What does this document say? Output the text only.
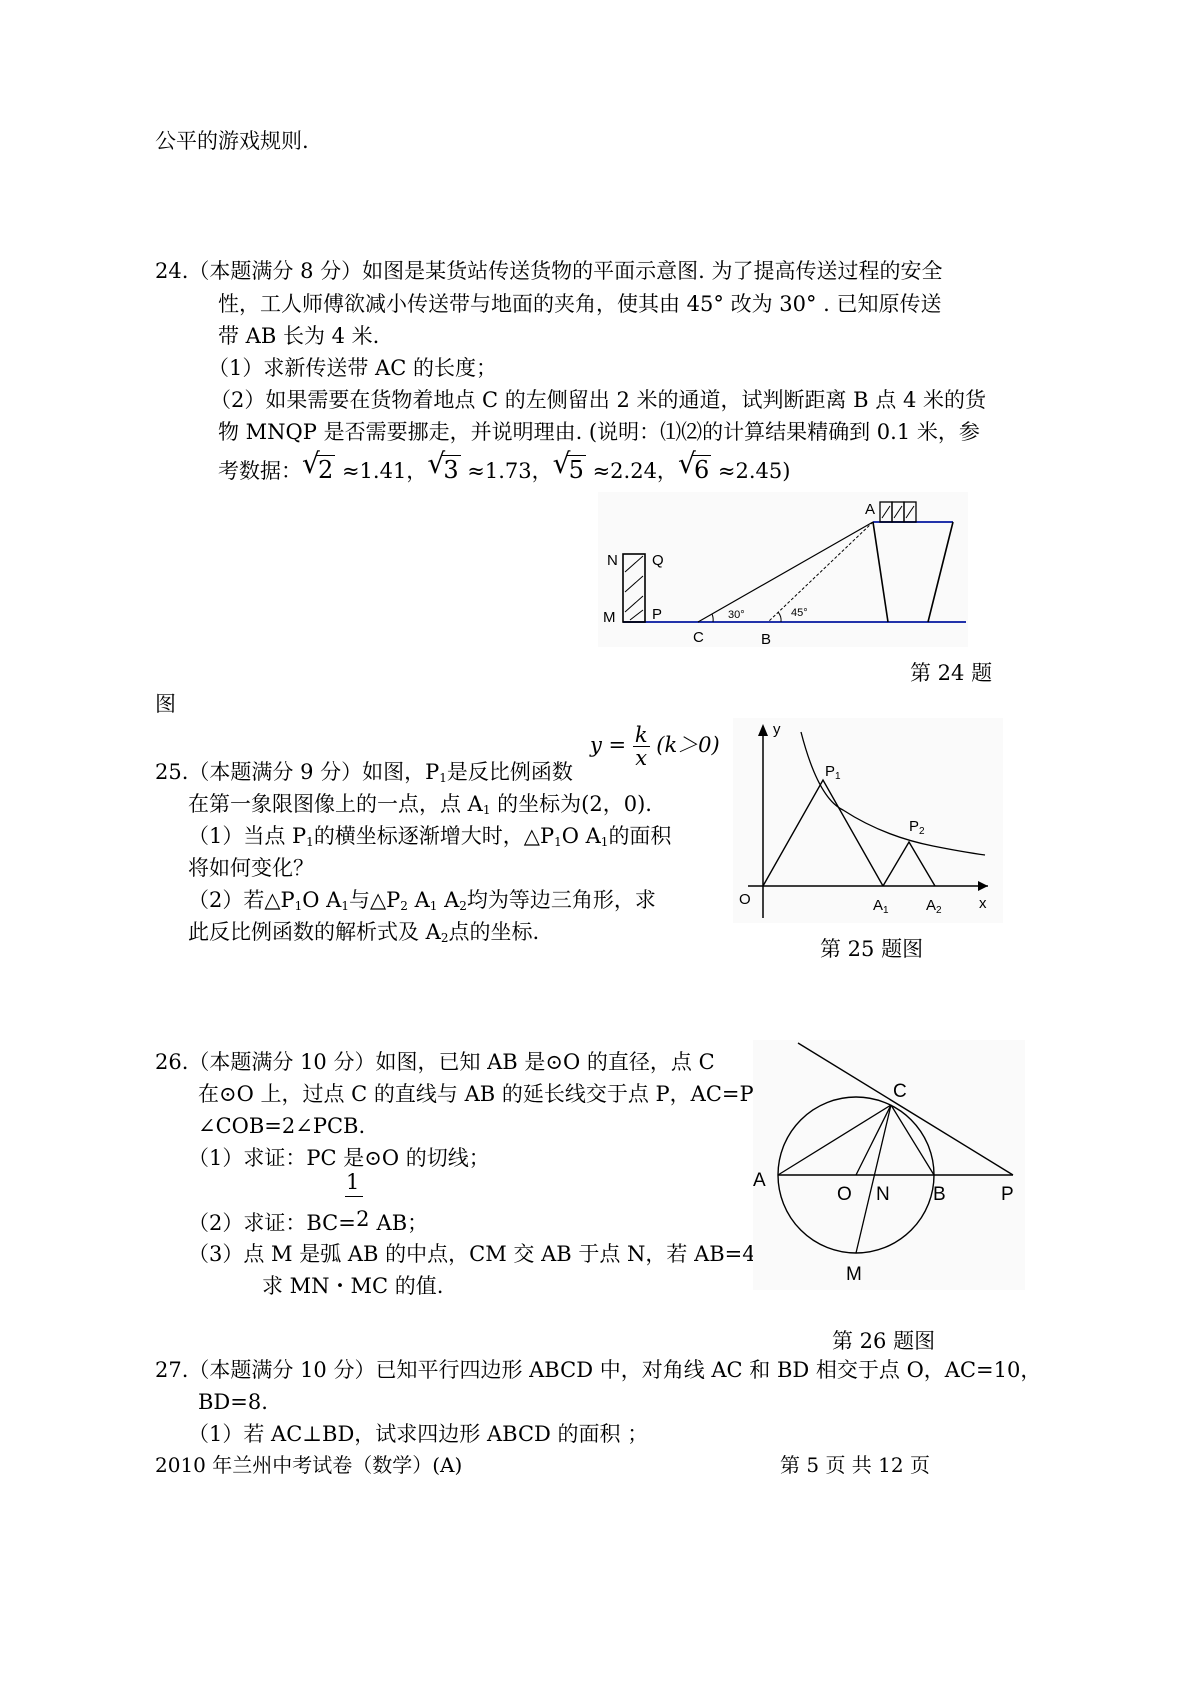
公平的游戏规则.
24.（本题满分 8 分）如图是某货站传送货物的平面示意图. 为了提高传送过程的安全
性，工人师傅欲减小传送带与地面的夹角，使其由 45° 改为 30° . 已知原传送
带 AB 长为 4 米.
（1）求新传送带 AC 的长度；
（2）如果需要在货物着地点 C 的左侧留出 2 米的通道，试判断距离 B 点 4 米的货
物 MNQP 是否需要挪走，并说明理由. (说明：⑴⑵的计算结果精确到 0.1 米，参
考数据： √
2 ≈1.41， √
3 ≈1.73， √
5 ≈2.24， √
6 ≈2.45)
A
N Q
M P
C	B
30°	45°
第 24 题
图
$y = \frac{k}{x} (k>0)$
25.（本题满分 9 分）如图，$P_1$是反比例函数
在第一象限图像上的一点，点 $A_1$ 的坐标为(2，0).
（1）当点 $P_1$的横坐标逐渐增大时，$\triangle P_1O$ $A_1$的面积
将如何变化？
（2）若$\triangle P_1O$ $A_1$与$\triangle P_2$ $A_1$ $A_2$均为等边三角形，求
此反比例函数的解析式及 $A_2$点的坐标.
y
x
O
$P_1$
$P_2$
$A_1$ $A_2$
第 25 题图
26.（本题满分 10 分）如图，已知 AB 是⊙O 的直径，点 C
在⊙O 上，过点 C 的直线与 AB 的延长线交于点 P，AC=PC，
∠COB=2∠PCB.
（1）求证：PC 是⊙O 的切线；
1
（2）求证：BC=2 AB；
（3）点 M 是弧 AB 的中点，CM 交 AB 于点 N，若 AB=4，
求 MN・MC 的值.
C
A
O N B	P
M
第 26 题图
27.（本题满分 10 分）已知平行四边形 ABCD 中，对角线 AC 和 BD 相交于点 O，AC=10，
BD=8.
（1）若 AC⊥BD，试求四边形 ABCD 的面积 ；
2010 年兰州中考试卷（数学）(A)	第 5 页 共 12 页
